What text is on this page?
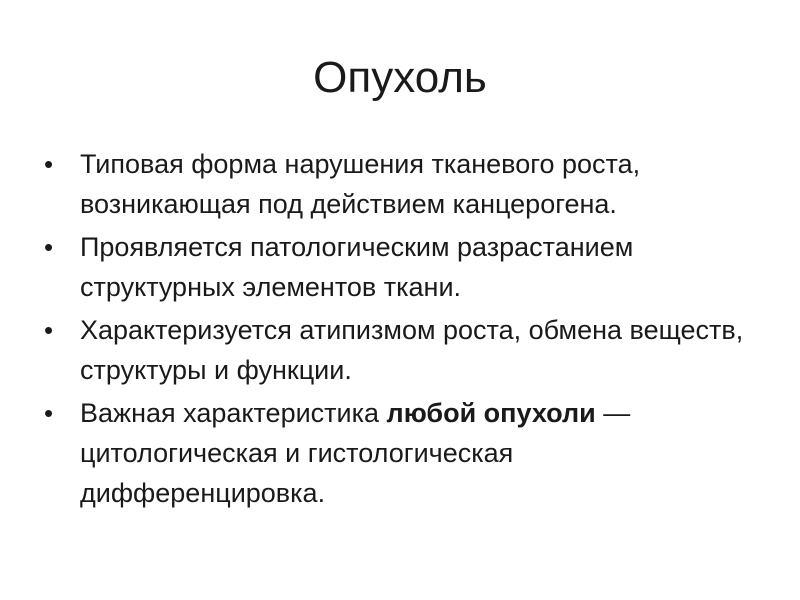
Опухоль
• Типовая форма нарушения тканевого роста, возникающая под действием канцерогена.
• Проявляется патологическим разрастанием структурных элементов ткани.
• Характеризуется атипизмом роста, обмена веществ, структуры и функции.
• Важная характеристика любой опухоли — цитологическая и гистологическая дифференцировка.
